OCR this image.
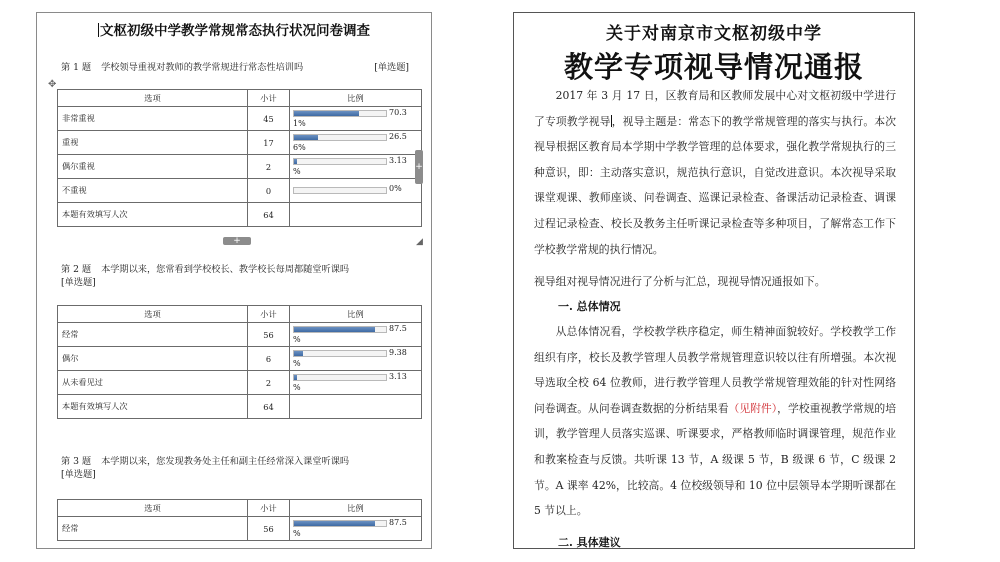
文枢初级中学教学常规常态执行状况问卷调查
第 1 题 学校领导重视对教师的教学常规进行常态性培训吗	[单选题]
✥
选项	小计	比例
非常重视	45	70.3
1%

重视	17	26.5
6%

偶尔重视	2	3.13
%

不重视	0	0%

本题有效填写人次	64	
+
+	◢
第 2 题 本学期以来，您常看到学校校长、教学校长每周都随堂听课吗
[单选题]
选项	小计	比例
经常	56	87.5
%

偶尔	6	9.38
%

从未看见过	2	3.13
%

本题有效填写人次	64	
第 3 题 本学期以来，您发现教务处主任和副主任经常深入课堂听课吗
[单选题]
选项	小计	比例
经常	56	87.5
%
关于对南京市文枢初级中学
教学专项视导情况通报

2017 年 3 月 17 日，区教育局和区教师发展中心对文枢初级中学进行了专项教学视导，视导主题是：常态下的教学常规管理的落实与执行。本次视导根据区教育局本学期中学教学管理的总体要求，强化教学常规执行的三种意识，即：主动落实意识，规范执行意识，自觉改进意识。本次视导采取课堂观课、教师座谈、问卷调查、巡课记录检查、备课活动记录检查、调课过程记录检查、校长及教务主任听课记录检查等多种项目，了解常态工作下学校教学常规的执行情况。

视导组对视导情况进行了分析与汇总，现视导情况通报如下。

一. 总体情况

从总体情况看，学校教学秩序稳定，师生精神面貌较好。学校教学工作组织有序，校长及教学管理人员教学常规管理意识较以往有所增强。本次视导选取全校 64 位教师，进行教学管理人员教学常规管理效能的针对性网络问卷调查。从问卷调查数据的分析结果看（见附件），学校重视教学常规的培训，教学管理人员落实巡课、听课要求，严格教师临时调课管理，规范作业和教案检查与反馈。共听课 13 节，A 级课 5 节，B 级课 6 节，C 级课 2 节。A 课率 42%，比较高。4 位校级领导和 10 位中层领导本学期听课都在 5 节以上。

二. 具体建议
